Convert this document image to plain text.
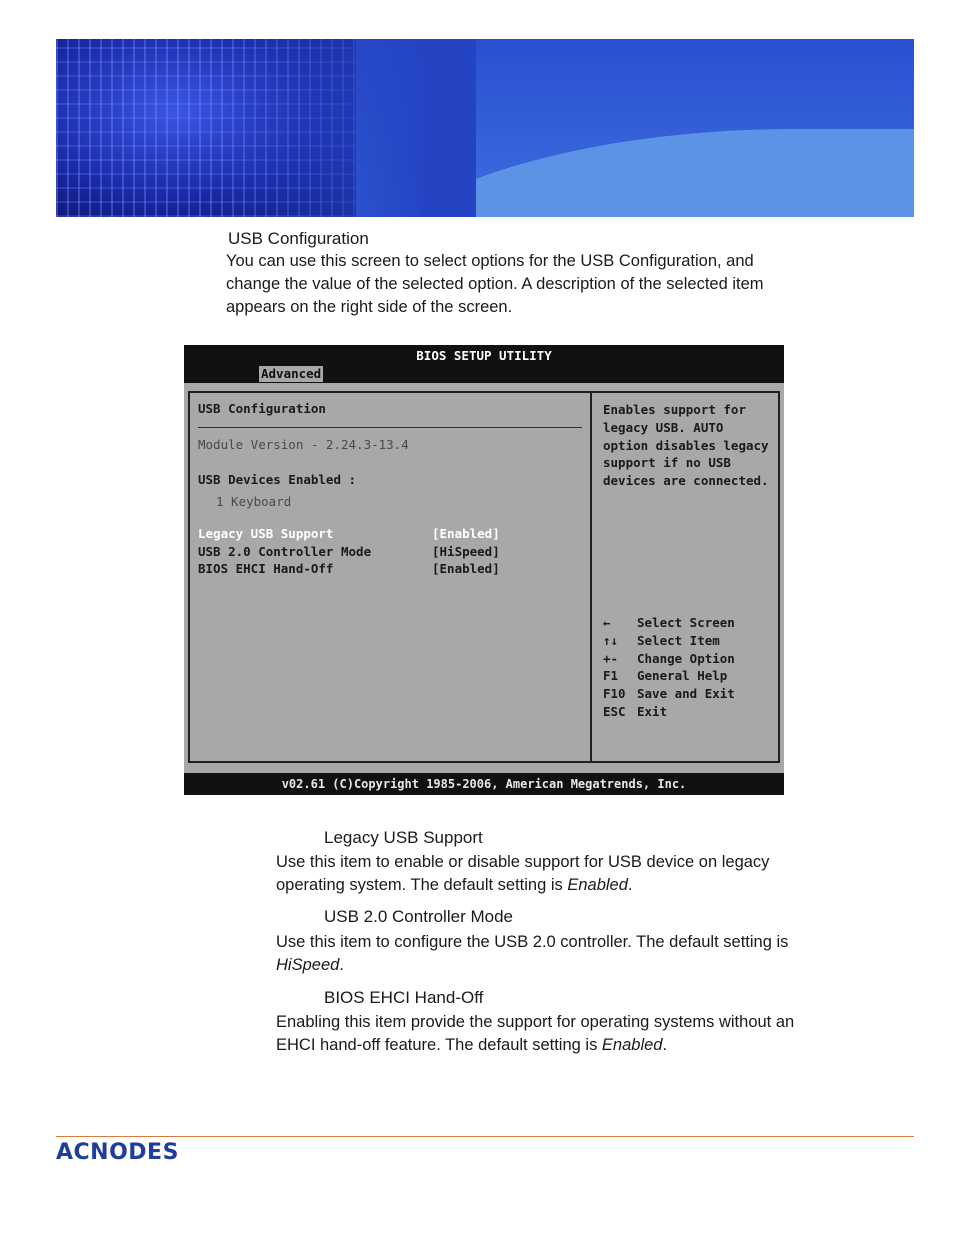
USB Configuration
You can use this screen to select options for the USB Configuration, and change the value of the selected option. A description of the selected item appears on the right side of the screen.
BIOS SETUP UTILITY
Advanced
USB Configuration
Module Version - 2.24.3-13.4
USB Devices Enabled :
1 Keyboard
Legacy USB Support	[Enabled]
USB 2.0 Controller Mode	[HiSpeed]
BIOS EHCI Hand-Off	[Enabled]
Enables support for legacy USB. AUTO option disables legacy support if no USB devices are connected.
←	Select Screen
↑↓	Select Item
+-	Change Option
F1	General Help
F10 Save and Exit
ESC Exit
v02.61 (C)Copyright 1985-2006, American Megatrends, Inc.
Legacy USB Support
Use this item to enable or disable support for USB device on legacy operating system. The default setting is Enabled.
USB 2.0 Controller Mode
Use this item to configure the USB 2.0 controller. The default setting is HiSpeed.
BIOS EHCI Hand-Off
Enabling this item provide the support for operating systems without an EHCI hand-off feature. The default setting is Enabled.
ACNODES
